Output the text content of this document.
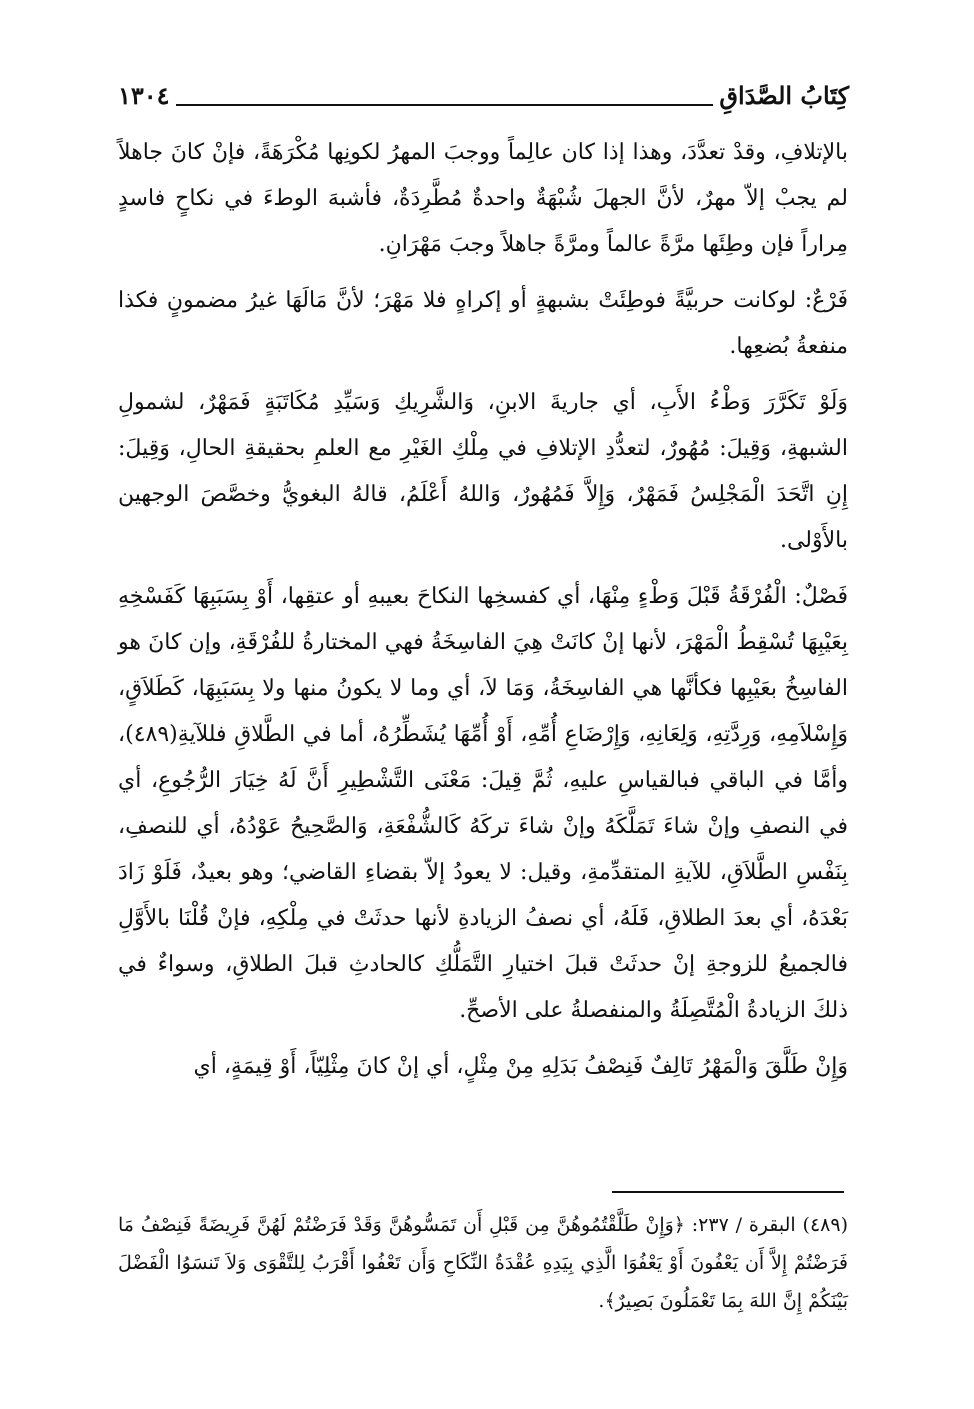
كِتَابُ الصَّدَاقِ
١٣٠٤

بالإتلافِ، وقدْ تعدَّدَ، وهذا إذا كان عالِماً ووجبَ المهرُ لكونِها مُكْرَهَةً، فإنْ كانَ جاهلاً لم يجبْ إلاّ مهرٌ، لأنَّ الجهلَ شُبْهَةٌ واحدةٌ مُطَّرِدَةٌ، فأشبهَ الوطءَ في نكاحٍ فاسدٍ مِراراً فإن وطِئَها مرَّةً عالماً ومرَّةً جاهلاً وجبَ مَهْرَانِ.

فَرْعٌ: لوكانت حربيَّةً فوطِئَتْ بشبهةٍ أو إكراهٍ فلا مَهْرَ؛ لأنَّ مَالَهَا غيرُ مضمونٍ فكذا منفعةُ بُضعِها.

وَلَوْ تَكَرَّرَ وَطْءُ الأَبِ، أي جاريةَ الابنِ، وَالشَّرِيكِ وَسَيِّدِ مُكَاتَبَةٍ فَمَهْرٌ، لشمولِ الشبهةِ، وَقِيلَ: مُهُورٌ، لتعدُّدِ الإتلافِ في مِلْكِ الغَيْرِ مع العلمِ بحقيقةِ الحالِ، وَقِيلَ: إِنِ اتَّحَدَ الْمَجْلِسُ فَمَهْرٌ، وَإِلاَّ فَمُهُورٌ، وَاللهُ أَعْلَمُ، قالهُ البغويُّ وخصَّصَ الوجهين بالأَوْلى.

فَصْلٌ: الْفُرْقَةُ قَبْلَ وَطْءٍ مِنْهَا، أي كفسخِها النكاحَ بعيبهِ أو عتقِها، أَوْ بِسَبَبِهَا كَفَسْخِهِ بِعَيْبِهَا تُسْقِطُ الْمَهْرَ، لأنها إنْ كانَتْ هِيَ الفاسِخَةُ فهي المختارةُ للفُرْقَةِ، وإن كانَ هو الفاسِخُ بعَيْبِها فكأنَّها هي الفاسِخَةُ، وَمَا لاَ، أي وما لا يكونُ منها ولا بِسَبَبِهَا، كَطَلاَقٍ، وَإِسْلاَمِهِ، وَرِدَّتِهِ، وَلِعَانِهِ، وَإِرْضَاعِ أُمِّهِ، أَوْ أُمِّهَا يُشَطِّرُهُ، أما في الطَّلاقِ فللآيةِ(٤٨٩)، وأمَّا في الباقي فبالقياسِ عليهِ، ثُمَّ قِيلَ: مَعْنَى التَّشْطِيرِ أَنَّ لَهُ خِيَارَ الرُّجُوعِ، أي في النصفِ وإنْ شاءَ تَمَلَّكَهُ وإنْ شاءَ تركَهُ كَالشُّفْعَةِ، وَالصَّحِيحُ عَوْدُهُ، أي للنصفِ، بِنَفْسِ الطَّلاَقِ، للآيةِ المتقدِّمةِ، وقيل: لا يعودُ إلاّ بقضاءِ القاضي؛ وهو بعيدٌ، فَلَوْ زَادَ بَعْدَهُ، أي بعدَ الطلاقِ، فَلَهُ، أي نصفُ الزيادةِ لأنها حدثَتْ في مِلْكِهِ، فإنْ قُلْنَا بالأَوَّلِ فالجميعُ للزوجةِ إنْ حدثَتْ قبلَ اختيارِ التَّمَلُّكِ كالحادثِ قبلَ الطلاقِ، وسواءٌ في ذلكَ الزيادةُ الْمُتَّصِلَةُ والمنفصلةُ على الأصحِّ.

وَإِنْ طَلَّقَ وَالْمَهْرُ تَالِفٌ فَنِصْفُ بَدَلِهِ مِنْ مِثْلٍ، أي إنْ كانَ مِثْلِيّاً، أَوْ قِيمَةٍ، أي

(٤٨٩) البقرة / ٢٣٧: ﴿وَإِنْ طَلَّقْتُمُوهُنَّ مِن قَبْلِ أَن تَمَسُّوهُنَّ وَقَدْ فَرَضْتُمْ لَهُنَّ فَرِيضَةً فَنِصْفُ مَا فَرَضْتُمْ إِلاَّ أَن يَعْفُونَ أَوْ يَعْفُوَا الَّذِي بِيَدِهِ عُقْدَةُ النِّكَاحِ وَأَن تَعْفُوا أَقْرَبُ لِلتَّقْوَى وَلاَ تَنسَوُا الْفَضْلَ بَيْنَكُمْ إِنَّ اللهَ بِمَا تَعْمَلُونَ بَصِيرٌ﴾.
